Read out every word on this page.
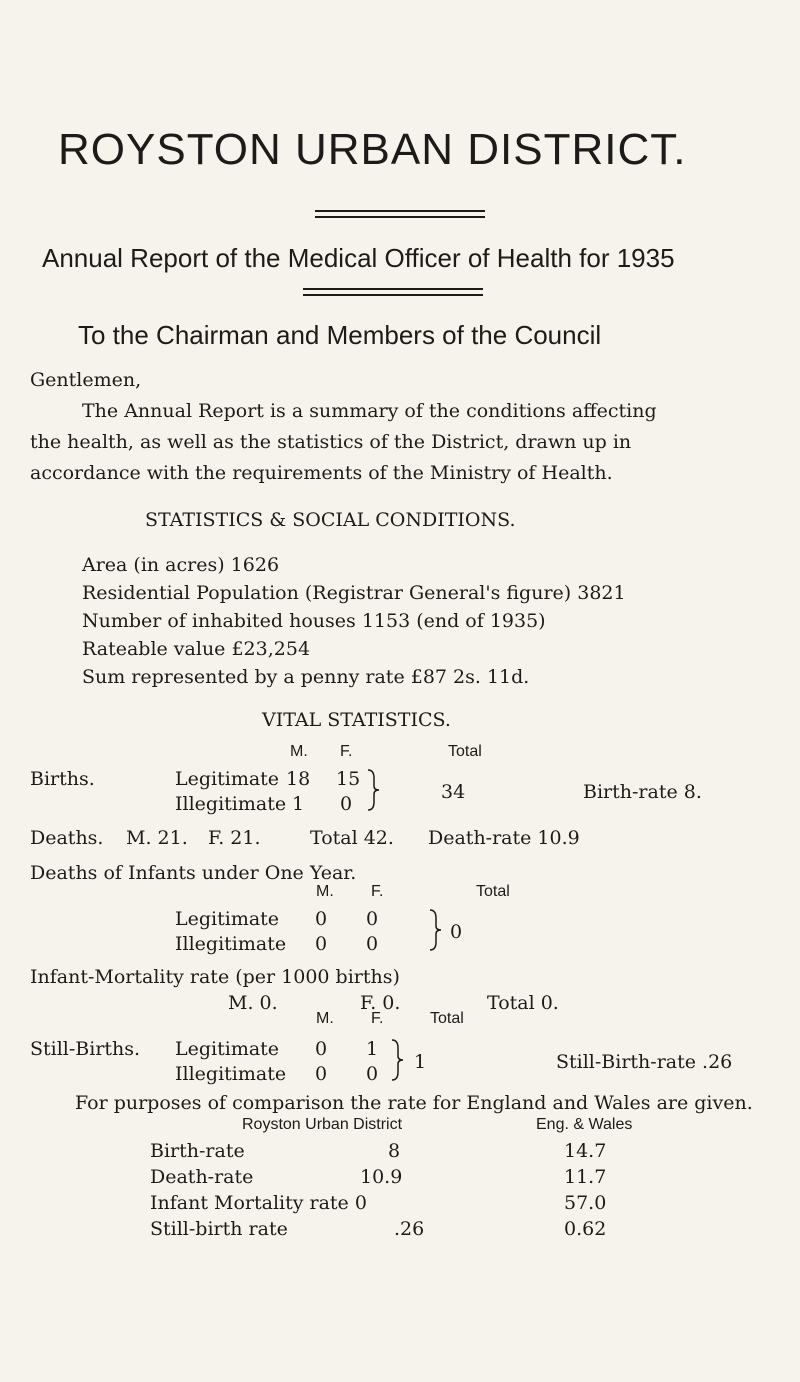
ROYSTON URBAN DISTRICT.
Annual Report of the Medical Officer of Health for 1935
To the Chairman and Members of the Council
Gentlemen,
The Annual Report is a summary of the conditions affecting
the health, as well as the statistics of the District, drawn up in
accordance with the requirements of the Ministry of Health.
STATISTICS & SOCIAL CONDITIONS.
Area (in acres) 1626
Residential Population (Registrar General's figure) 3821
Number of inhabited houses 1153 (end of 1935)
Rateable value £23,254
Sum represented by a penny rate £87 2s. 11d.
VITAL STATISTICS.
M. F.	Total
Births.	Legitimate 18 15
Illegitimate 1 0
34	Birth-rate 8.
Deaths. M. 21. F. 21.	Total 42. Death-rate 10.9
Deaths of Infants under One Year.
M. F.	Total
Legitimate 0 0
Illegitimate 0 0
0
Infant-Mortality rate (per 1000 births)
M. 0.	F. 0.	Total 0.
M. F.	Total
Still-Births. Legitimate 0 1
Illegitimate 0 0
1	Still-Birth-rate .26
For purposes of comparison the rate for England and Wales are given.
Royston Urban District	Eng. & Wales
Birth-rate	8	14.7
Death-rate	10.9	11.7
Infant Mortality rate 0	57.0
Still-birth rate	.26	0.62
